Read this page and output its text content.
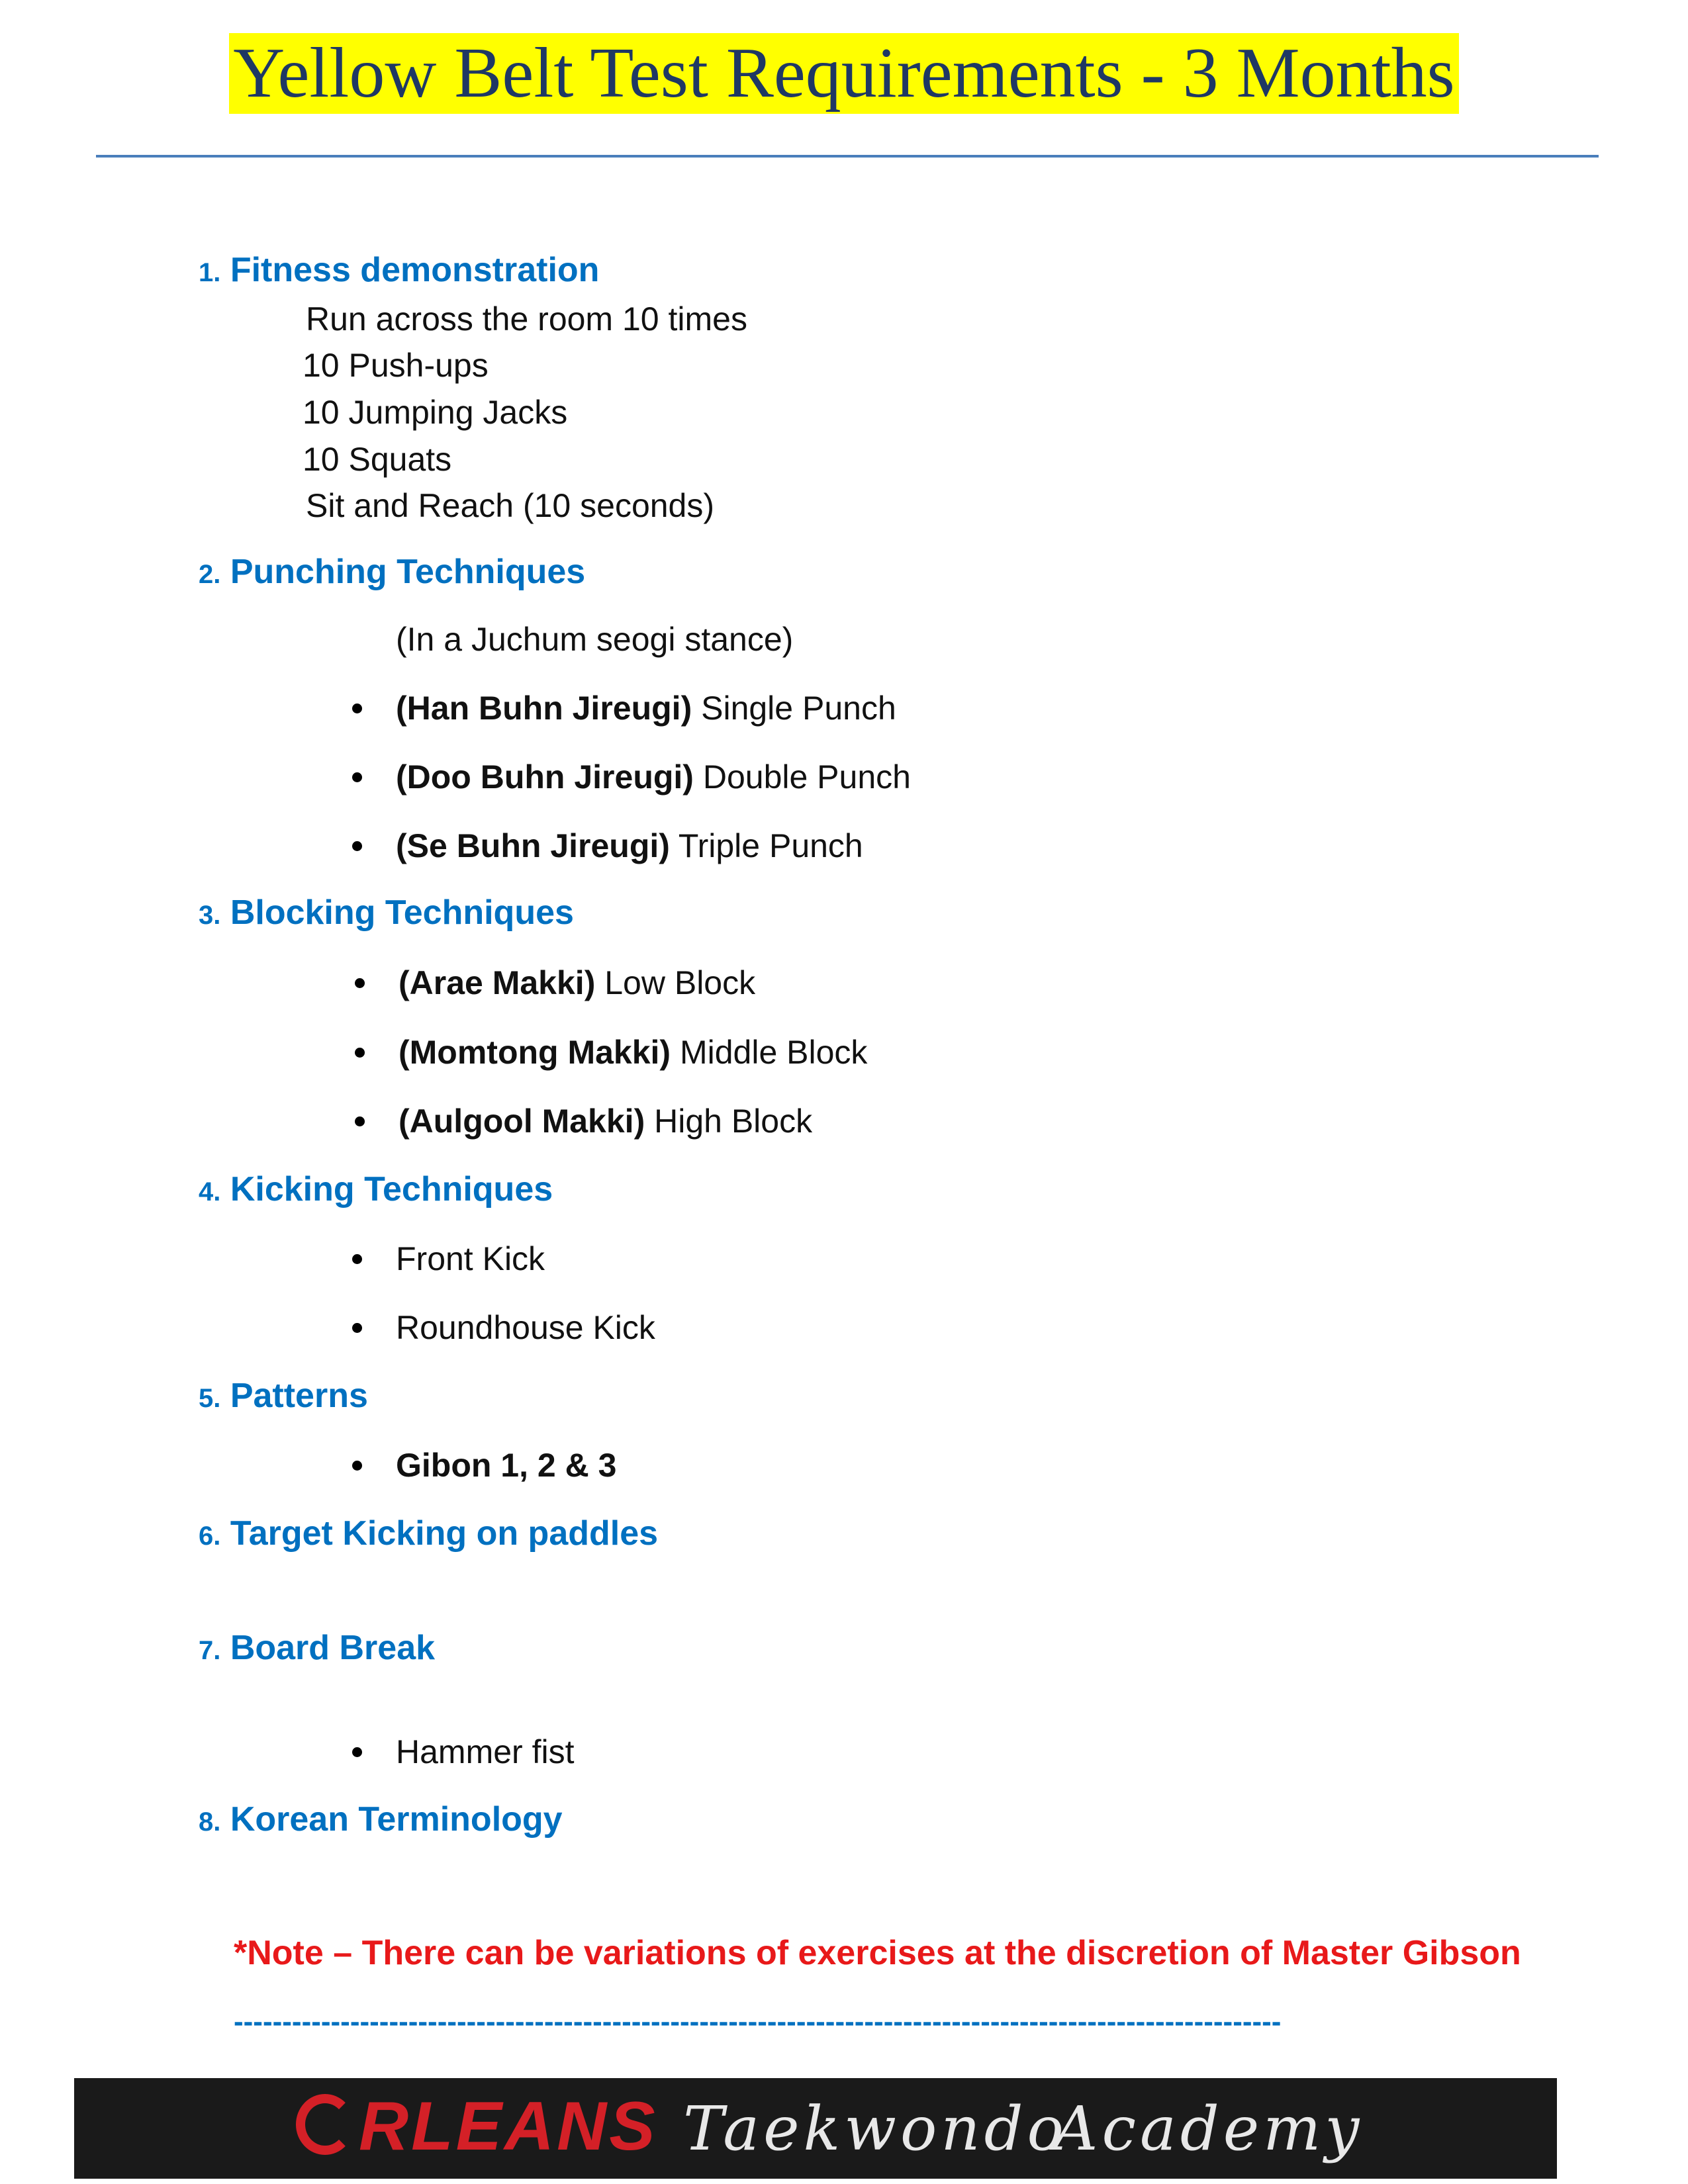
Yellow Belt Test Requirements - 3 Months
1. Fitness demonstration
Run across the room 10 times
10 Push-ups
10 Jumping Jacks
10 Squats
Sit and Reach (10 seconds)
2. Punching Techniques
(In a Juchum seogi stance)
(Han Buhn Jireugi) Single Punch
(Doo Buhn Jireugi) Double Punch
(Se Buhn Jireugi) Triple Punch
3. Blocking Techniques
(Arae Makki) Low Block
(Momtong Makki) Middle Block
(Aulgool Makki) High Block
4. Kicking Techniques
Front Kick
Roundhouse Kick
5. Patterns
Gibon 1, 2 & 3
6. Target Kicking on paddles
7. Board Break
Hammer fist
8. Korean Terminology
*Note – There can be variations of exercises at the discretion of Master Gibson
------------------------------------------------------------------------------------------------------------
RLEANS Taekwondo
Academy
